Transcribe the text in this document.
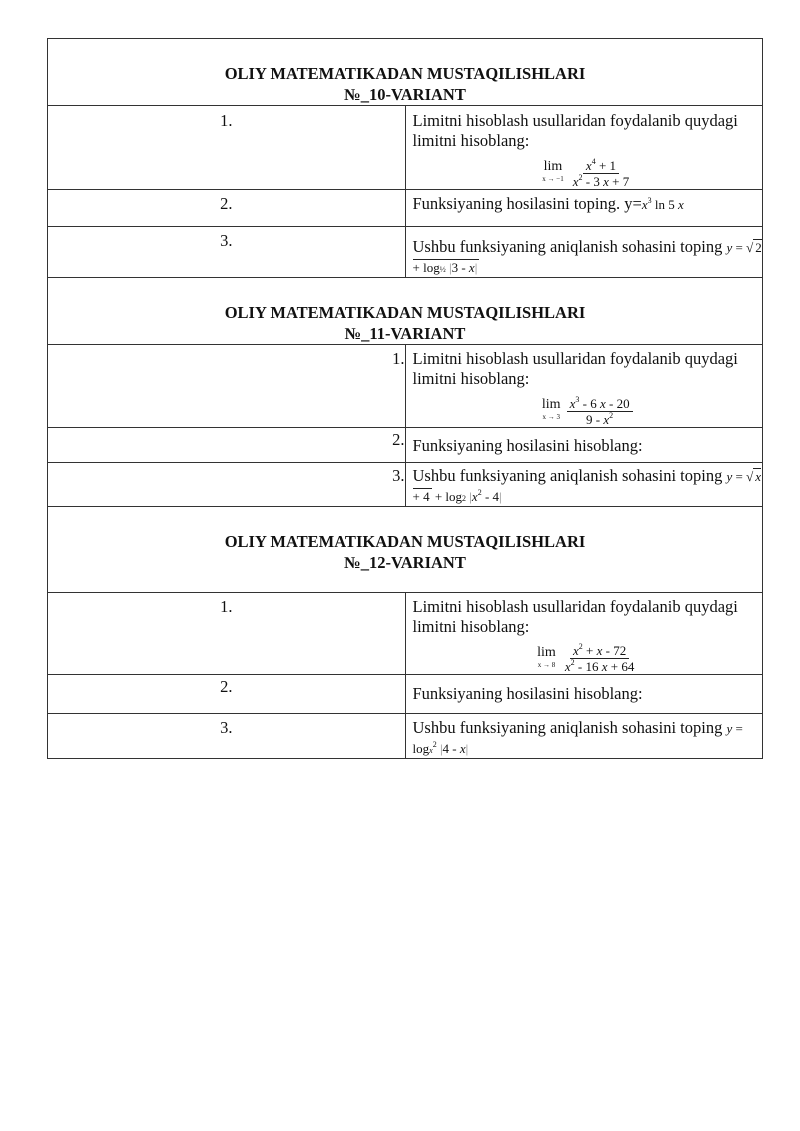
OLIY MATEMATIKADAN MUSTAQILISHLARI
№_10-VARIANT	

1.	Limitni hisoblash usullaridan foydalanib quydagi limitni hisoblang:
lim
$x \to -1 \frac{x^4 + 1}{x^2 - 3 x + 7}$

2.	Funksiyaning hosilasini toping. $y=x^3$ ln 5 x
3.	Ushbu funksiyaning aniqlanish sohasini toping y = √ 2 + log½ |3 - x|

OLIY MATEMATIKADAN MUSTAQILISHLARI
№_11-VARIANT	

1.	Limitni hisoblash usullaridan foydalanib quydagi limitni hisoblang:
lim
$x \to 3 \frac{x^3 - 6 x - 20}{9 - x^2}$

2.	Funksiyaning hosilasini hisoblang:
3.	Ushbu funksiyaning aniqlanish sohasini toping y = √ x + 4 + log2 $|x^2 - 4|$

OLIY MATEMATIKADAN MUSTAQILISHLARI
№_12-VARIANT	

1.	Limitni hisoblash usullaridan foydalanib quydagi limitni hisoblang:
lim
$x \to 8 \frac{x^2 + x - 72}{x^2 - 16 x + 64}$

2.	Funksiyaning hosilasini hisoblang:
3.	Ushbu funksiyaning aniqlanish sohasini toping y = logx$^2$ |4 - x|
